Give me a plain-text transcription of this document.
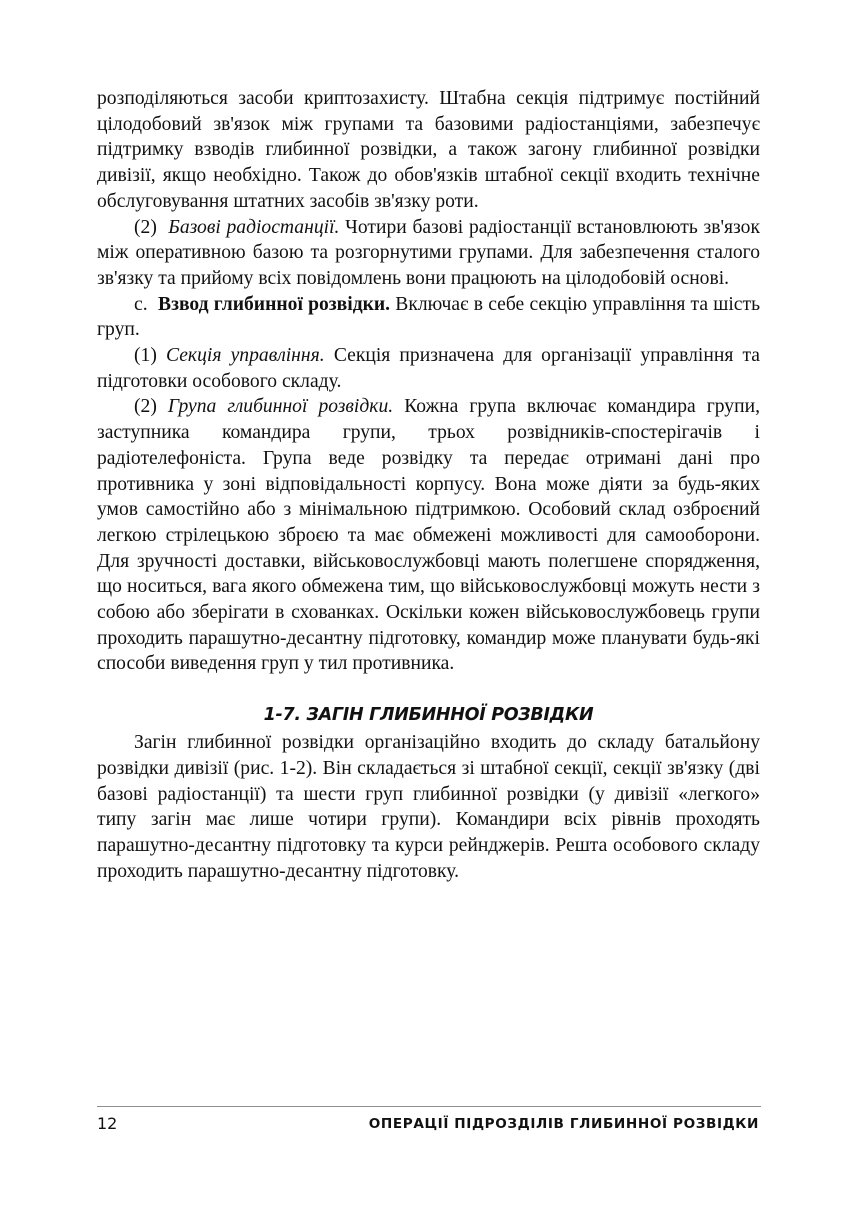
розподіляються засоби криптозахисту. Штабна секція підтримує постійний цілодобовий зв'язок між групами та базовими радіостанціями, забезпечує підтримку взводів глибинної розвідки, а також загону глибинної розвідки дивізії, якщо необхідно. Також до обов'язків штабної секції входить технічне обслуговування штатних засобів зв'язку роти.

(2) Базові радіостанції. Чотири базові радіостанції встановлюють зв'язок між оперативною базою та розгорнутими групами. Для забезпечення сталого зв'язку та прийому всіх повідомлень вони працюють на цілодобовій основі.

c. Взвод глибинної розвідки. Включає в себе секцію управління та шість груп.

(1) Секція управління. Секція призначена для організації управління та підготовки особового складу.

(2) Група глибинної розвідки. Кожна група включає командира групи, заступника командира групи, трьох розвідників-спостерігачів і радіотелефоніста. Група веде розвідку та передає отримані дані про противника у зоні відповідальності корпусу. Вона може діяти за будь-яких умов самостійно або з мінімальною підтримкою. Особовий склад озброєний легкою стрілецькою зброєю та має обмежені можливості для самооборони. Для зручності доставки, військовослужбовці мають полегшене спорядження, що носиться, вага якого обмежена тим, що військовослужбовці можуть нести з собою або зберігати в схованках. Оскільки кожен військовослужбовець групи проходить парашутно-десантну підготовку, командир може планувати будь-які способи виведення груп у тил противника.

1-7. ЗАГІН ГЛИБИННОЇ РОЗВІДКИ

Загін глибинної розвідки організаційно входить до складу батальйону розвідки дивізії (рис. 1-2). Він складається зі штабної секції, секції зв'язку (дві базові радіостанції) та шести груп глибинної розвідки (у дивізії «легкого» типу загін має лише чотири групи). Командири всіх рівнів проходять парашутно-десантну підготовку та курси рейнджерів. Решта особового складу проходить парашутно-десантну підготовку.

12	ОПЕРАЦІЇ ПІДРОЗДІЛІВ ГЛИБИННОЇ РОЗВІДКИ
